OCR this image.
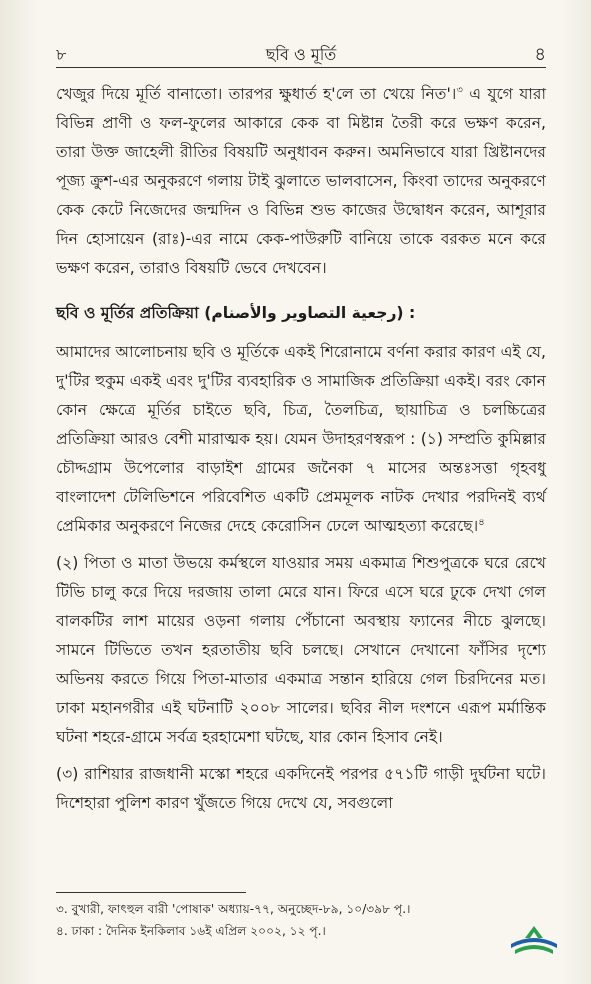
৮	ছবি ও মূর্তি	৪

খেজুর দিয়ে মূর্তি বানাতো। তারপর ক্ষুধার্ত হ'লে তা খেয়ে নিত'।$^৩$ এ যুগে যারা বিভিন্ন প্রাণী ও ফল-ফুলের আকারে কেক বা মিষ্টান্ন তৈরী করে ভক্ষণ করেন, তারা উক্ত জাহেলী রীতির বিষয়টি অনুধাবন করুন। অমনিভাবে যারা খ্রিষ্টানদের পূজ্য ক্রুশ-এর অনুকরণে গলায় টাই ঝুলাতে ভালবাসেন, কিংবা তাদের অনুকরণে কেক কেটে নিজেদের জন্মদিন ও বিভিন্ন শুভ কাজের উদ্বোধন করেন, আশূরার দিন হোসায়েন (রাঃ)-এর নামে কেক-পাউরুটি বানিয়ে তাকে বরকত মনে করে ভক্ষণ করেন, তারাও বিষয়টি ভেবে দেখবেন।

ছবি ও মূর্তির প্রতিক্রিয়া (رجعية التصاوير والأصنام) :

আমাদের আলোচনায় ছবি ও মূর্তিকে একই শিরোনামে বর্ণনা করার কারণ এই যে, দু'টির হুকুম একই এবং দু'টির ব্যবহারিক ও সামাজিক প্রতিক্রিয়া একই। বরং কোন কোন ক্ষেত্রে মূর্তির চাইতে ছবি, চিত্র, তৈলচিত্র, ছায়াচিত্র ও চলচ্চিত্রের প্রতিক্রিয়া আরও বেশী মারাত্মক হয়। যেমন উদাহরণস্বরূপ : (১) সম্প্রতি কুমিল্লার চৌদ্দগ্রাম উপেলোর বাড়াইশ গ্রামের জনৈকা ৭ মাসের অন্তঃসত্তা গৃহবধু বাংলাদেশ টেলিভিশনে পরিবেশিত একটি প্রেমমূলক নাটক দেখার পরদিনই ব্যর্থ প্রেমিকার অনুকরণে নিজের দেহে কেরোসিন ঢেলে আত্মহত্যা করেছে।$^৪$

(২) পিতা ও মাতা উভয়ে কর্মস্থলে যাওয়ার সময় একমাত্র শিশুপুত্রকে ঘরে রেখে টিভি চালু করে দিয়ে দরজায় তালা মেরে যান। ফিরে এসে ঘরে ঢুকে দেখা গেল বালকটির লাশ মায়ের ওড়না গলায় পেঁচানো অবস্থায় ফ্যানের নীচে ঝুলছে। সামনে টিভিতে তখন হরতাতীয় ছবি চলছে। সেখানে দেখানো ফাঁসির দৃশ্যে অভিনয় করতে গিয়ে পিতা-মাতার একমাত্র সন্তান হারিয়ে গেল চিরদিনের মত। ঢাকা মহানগরীর এই ঘটনাটি ২০০৮ সালের। ছবির নীল দংশনে এরূপ মর্মান্তিক ঘটনা শহরে-গ্রামে সর্বত্র হরহামেশা ঘটছে, যার কোন হিসাব নেই।

(৩) রাশিয়ার রাজধানী মস্কো শহরে একদিনেই পরপর ৫৭১টি গাড়ী দুর্ঘটনা ঘটে। দিশেহারা পুলিশ কারণ খুঁজতে গিয়ে দেখে যে, সবগুলো

৩. বুখারী, ফাৎহুল বারী 'পোষাক' অধ্যায়-৭৭, অনুচ্ছেদ-৮৯, ১০/৩৯৮ পৃ.।
৪. ঢাকা : দৈনিক ইনকিলাব ১৬ই এপ্রিল ২০০২, ১২ পৃ.।
